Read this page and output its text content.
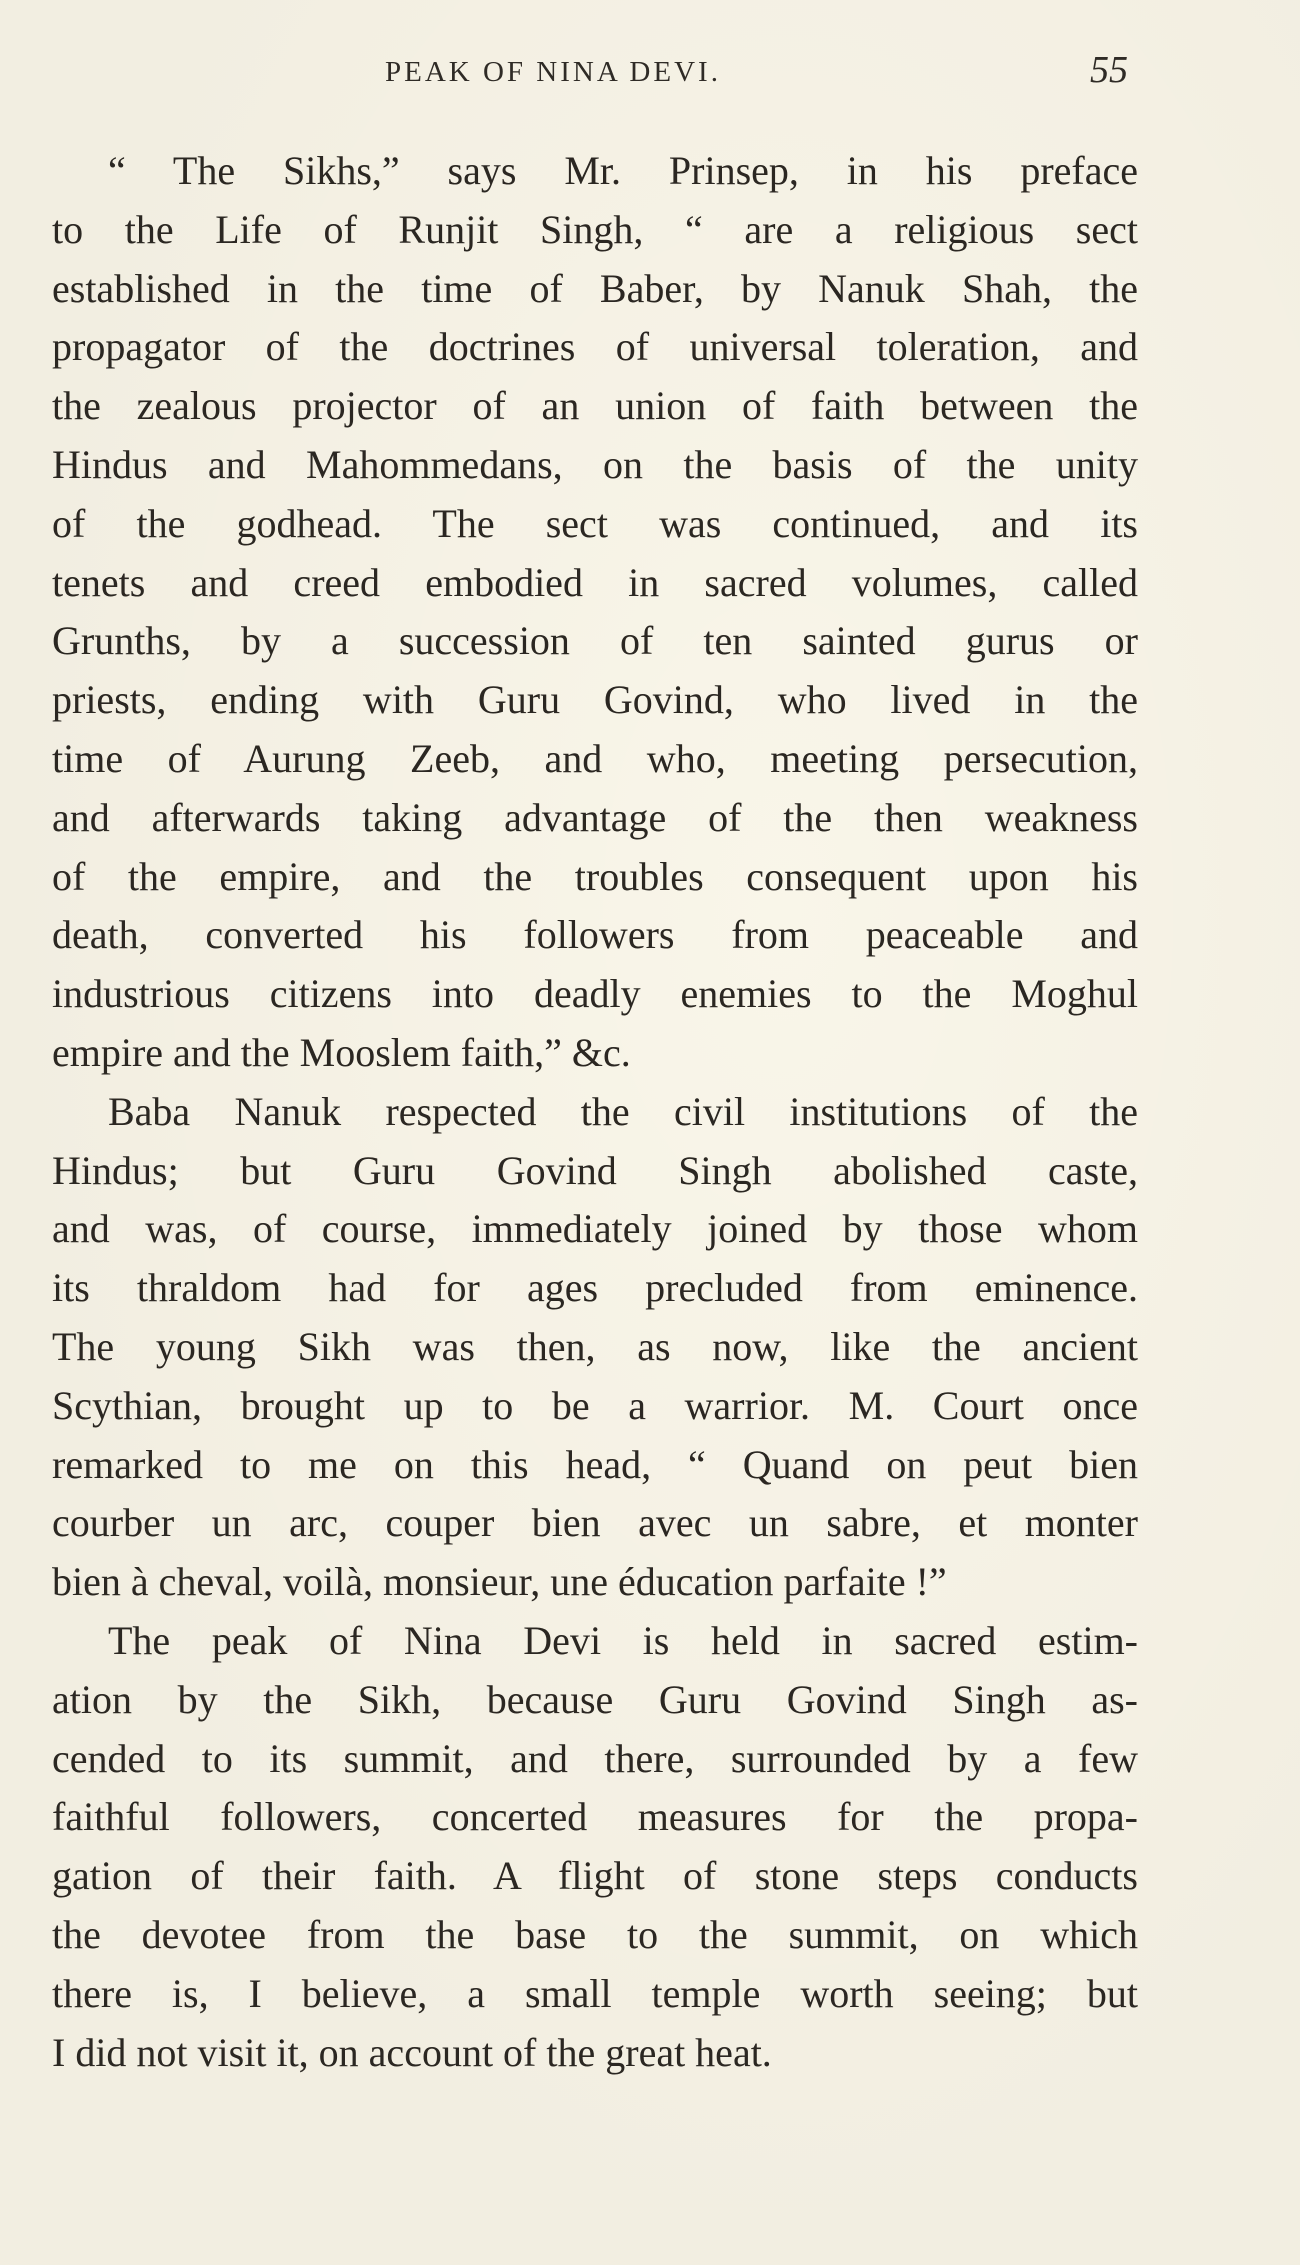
PEAK OF NINA DEVI.	55
“ The Sikhs,” says Mr. Prinsep, in his preface
to the Life of Runjit Singh, “ are a religious sect
established in the time of Baber, by Nanuk Shah, the
propagator of the doctrines of universal toleration, and
the zealous projector of an union of faith between the
Hindus and Mahommedans, on the basis of the unity
of the godhead. The sect was continued, and its
tenets and creed embodied in sacred volumes, called
Grunths, by a succession of ten sainted gurus or
priests, ending with Guru Govind, who lived in the
time of Aurung Zeeb, and who, meeting persecution,
and afterwards taking advantage of the then weakness
of the empire, and the troubles consequent upon his
death, converted his followers from peaceable and
industrious citizens into deadly enemies to the Moghul
empire and the Mooslem faith,” &c.
Baba Nanuk respected the civil institutions of the
Hindus; but Guru Govind Singh abolished caste,
and was, of course, immediately joined by those whom
its thraldom had for ages precluded from eminence.
The young Sikh was then, as now, like the ancient
Scythian, brought up to be a warrior. M. Court once
remarked to me on this head, “ Quand on peut bien
courber un arc, couper bien avec un sabre, et monter
bien à cheval, voilà, monsieur, une éducation parfaite !”
The peak of Nina Devi is held in sacred estim-
ation by the Sikh, because Guru Govind Singh as-
cended to its summit, and there, surrounded by a few
faithful followers, concerted measures for the propa-
gation of their faith. A flight of stone steps conducts
the devotee from the base to the summit, on which
there is, I believe, a small temple worth seeing; but
I did not visit it, on account of the great heat.
